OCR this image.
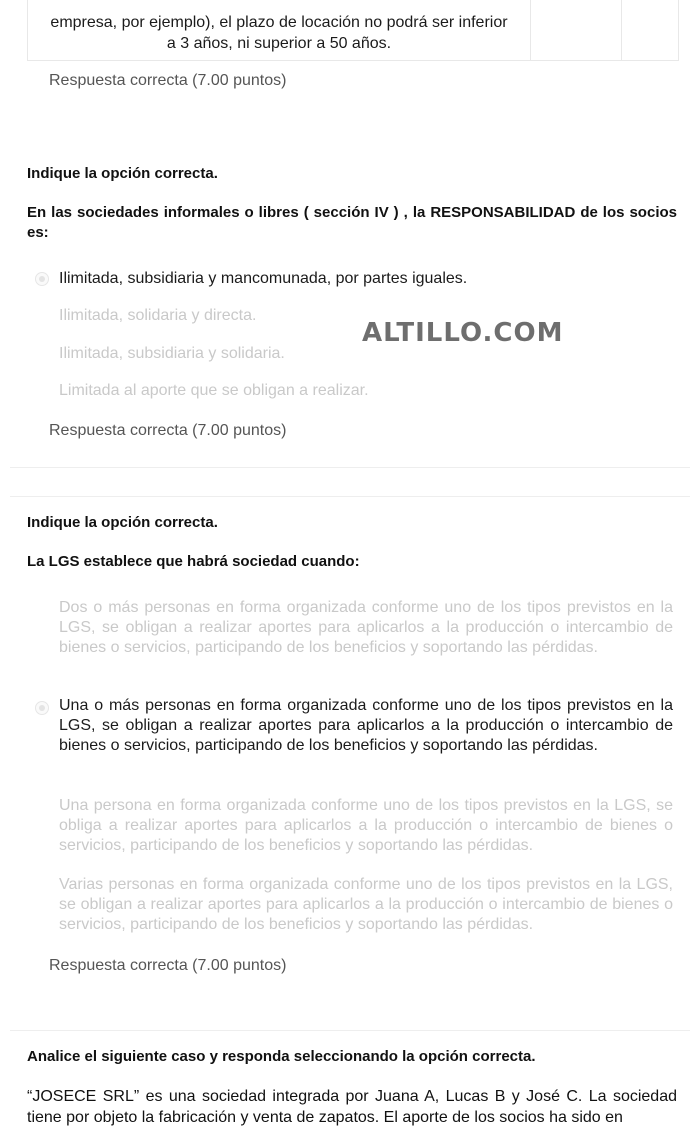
empresa, por ejemplo), el plazo de locación no podrá ser inferior
a 3 años, ni superior a 50 años.
Respuesta correcta (7.00 puntos)
Indique la opción correcta.
En las sociedades informales o libres ( sección IV ) , la RESPONSABILIDAD de los socios es:
Ilimitada, subsidiaria y mancomunada, por partes iguales.
Ilimitada, solidaria y directa.
Ilimitada, subsidiaria y solidaria.
Limitada al aporte que se obligan a realizar.
ALTILLO.COM
Respuesta correcta (7.00 puntos)
Indique la opción correcta.
La LGS establece que habrá sociedad cuando:
Dos o más personas en forma organizada conforme uno de los tipos previstos en la LGS, se obligan a realizar aportes para aplicarlos a la producción o intercambio de bienes o servicios, participando de los beneficios y soportando las pérdidas.
Una o más personas en forma organizada conforme uno de los tipos previstos en la LGS, se obligan a realizar aportes para aplicarlos a la producción o intercambio de bienes o servicios, participando de los beneficios y soportando las pérdidas.
Una persona en forma organizada conforme uno de los tipos previstos en la LGS, se obliga a realizar aportes para aplicarlos a la producción o intercambio de bienes o servicios, participando de los beneficios y soportando las pérdidas.
Varias personas en forma organizada conforme uno de los tipos previstos en la LGS, se obligan a realizar aportes para aplicarlos a la producción o intercambio de bienes o servicios, participando de los beneficios y soportando las pérdidas.
Respuesta correcta (7.00 puntos)
Analice el siguiente caso y responda seleccionando la opción correcta.
“JOSECE SRL” es una sociedad integrada por Juana A, Lucas B y José C. La sociedad tiene por objeto la fabricación y venta de zapatos. El aporte de los socios ha sido en
